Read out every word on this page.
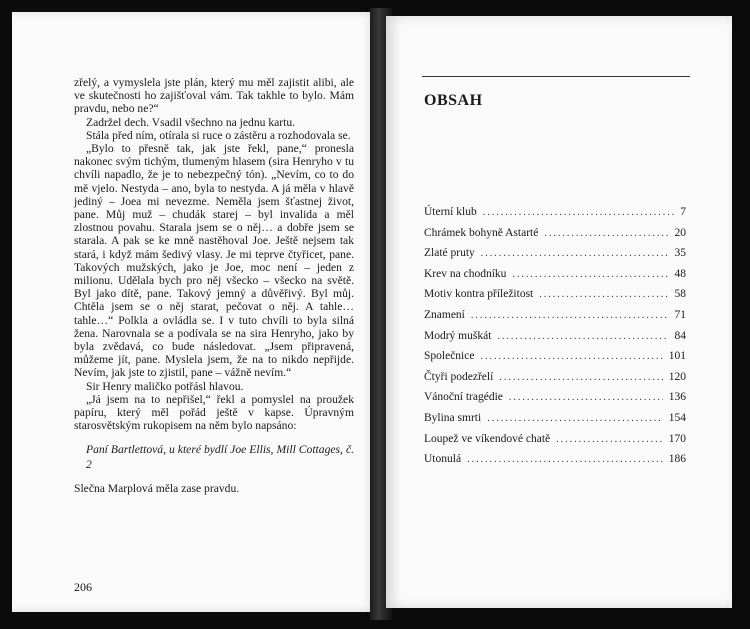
zřelý, a vymyslela jste plán, který mu měl zajistit alibi, ale ve skutečnosti ho zajišťoval vám. Tak takhle to bylo. Mám pravdu, nebo ne?“

Zadržel dech. Vsadil všechno na jednu kartu.

Stála před ním, otírala si ruce o zástěru a rozhodovala se.

„Bylo to přesně tak, jak jste řekl, pane,“ pronesla nakonec svým tichým, tlumeným hlasem (sira Henryho v tu chvíli napadlo, že je to nebezpečný tón). „Nevím, co to do mě vjelo. Nestyda – ano, byla to nestyda. A já měla v hlavě jediný – Joea mi nevezme. Neměla jsem šťastnej život, pane. Můj muž – chudák starej – byl invalida a měl zlostnou povahu. Starala jsem se o něj… a dobře jsem se starala. A pak se ke mně nastěhoval Joe. Ještě nejsem tak stará, i když mám šedivý vlasy. Je mi teprve čtyřicet, pane. Takových mužských, jako je Joe, moc není – jeden z milionu. Udělala bych pro něj všecko – všecko na světě. Byl jako dítě, pane. Takový jemný a důvěřivý. Byl můj. Chtěla jsem se o něj starat, pečovat o něj. A tahle… tahle…“ Polkla a ovládla se. I v tuto chvíli to byla silná žena. Narovnala se a podívala se na sira Henryho, jako by byla zvědavá, co bude následovat. „Jsem připravená, můžeme jít, pane. Myslela jsem, že na to nikdo nepřijde. Nevím, jak jste to zjistil, pane – vážně nevím.“

Sir Henry maličko potřásl hlavou.

„Já jsem na to nepřišel,“ řekl a pomyslel na proužek papíru, který měl pořád ještě v kapse. Úpravným starosvětským rukopisem na něm bylo napsáno:

Paní Bartlettová, u které bydlí Joe Ellis, Mill Cottages, č. 2

Slečna Marplová měla zase pravdu.

206
OBSAH
Úterní klub .....	7
Chrámek bohyně Astarté .....	20
Zlaté pruty .....	35
Krev na chodníku .....	48
Motiv kontra příležitost .....	58
Znamení .....	71
Modrý muškát .....	84
Společnice .....	101
Čtyři podezřelí .....	120
Vánoční tragédie .....	136
Bylina smrti .....	154
Loupež ve víkendové chatě .....	170
Utonulá .....	186
